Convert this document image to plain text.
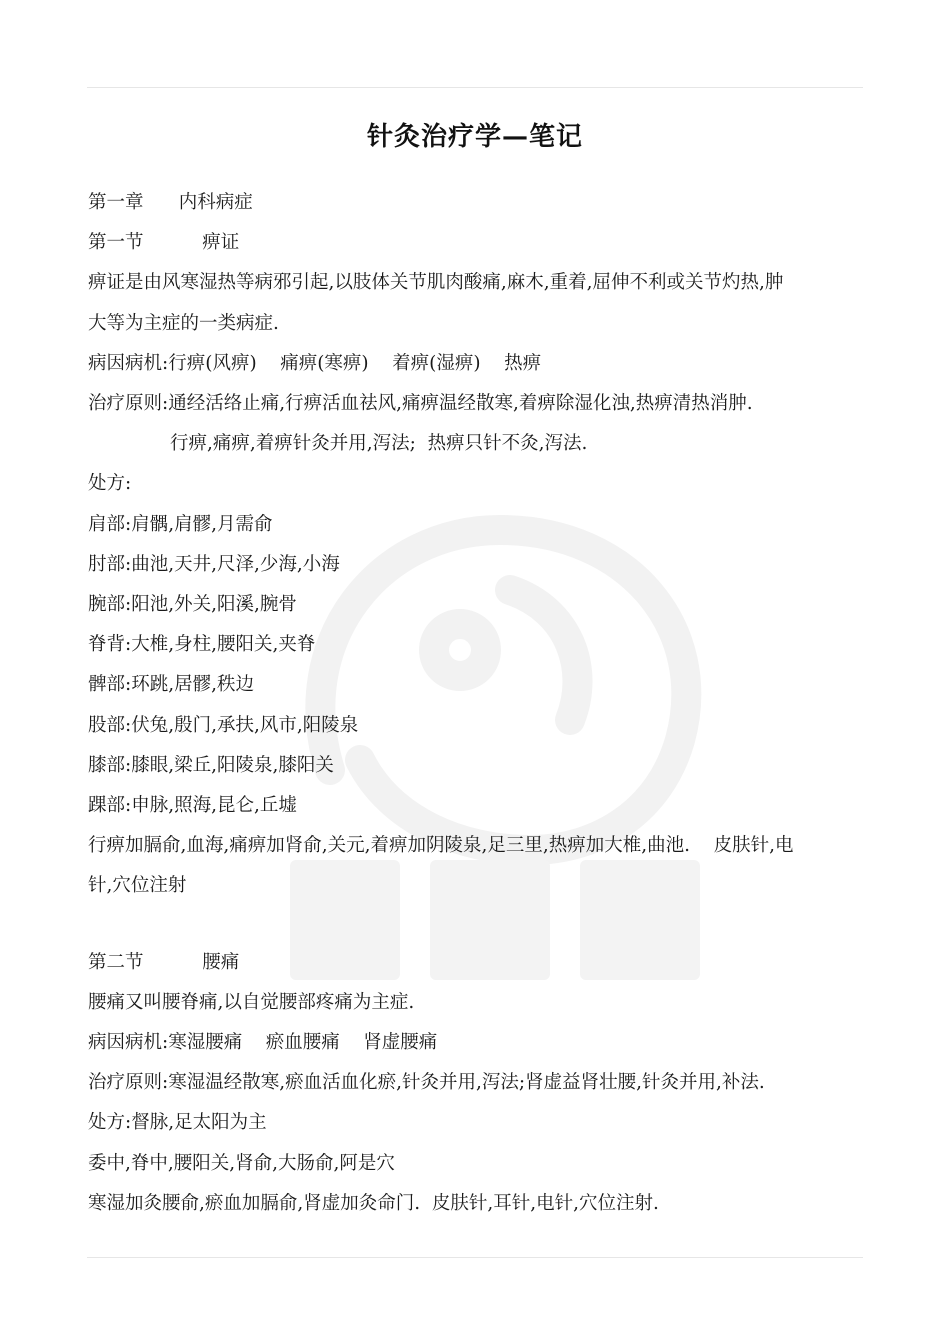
针灸治疗学—笔记

第一章      内科病症

第一节          痹证

痹证是由风寒湿热等病邪引起,以肢体关节肌肉酸痛,麻木,重着,屈伸不利或关节灼热,肿

大等为主症的一类病症.

病因病机:行痹(风痹)    痛痹(寒痹)    着痹(湿痹)    热痹

治疗原则:通经活络止痛,行痹活血祛风,痛痹温经散寒,着痹除湿化浊,热痹清热消肿.

行痹,痛痹,着痹针灸并用,泻法;  热痹只针不灸,泻法.

处方:

肩部:肩髃,肩髎,月需俞

肘部:曲池,天井,尺泽,少海,小海

腕部:阳池,外关,阳溪,腕骨

脊背:大椎,身柱,腰阳关,夹脊

髀部:环跳,居髎,秩边

股部:伏兔,殷门,承扶,风市,阳陵泉

膝部:膝眼,梁丘,阳陵泉,膝阳关

踝部:申脉,照海,昆仑,丘墟

行痹加膈俞,血海,痛痹加肾俞,关元,着痹加阴陵泉,足三里,热痹加大椎,曲池.    皮肤针,电

针,穴位注射

第二节          腰痛

腰痛又叫腰脊痛,以自觉腰部疼痛为主症.

病因病机:寒湿腰痛    瘀血腰痛    肾虚腰痛

治疗原则:寒湿温经散寒,瘀血活血化瘀,针灸并用,泻法;肾虚益肾壮腰,针灸并用,补法.

处方:督脉,足太阳为主

委中,脊中,腰阳关,肾俞,大肠俞,阿是穴

寒湿加灸腰俞,瘀血加膈俞,肾虚加灸命门.  皮肤针,耳针,电针,穴位注射.
